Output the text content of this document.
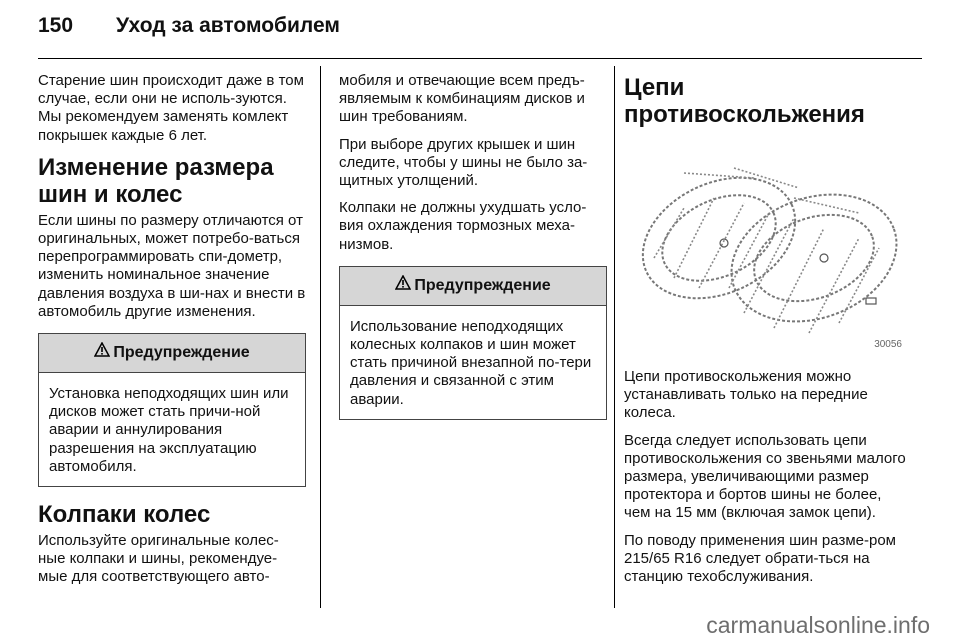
150 Уход за автомобилем

Старение шин происходит даже в том случае, если они не исполь-зуются. Мы рекомендуем заменять комлект покрышек каждые 6 лет.

Изменение размера шин и колес

Если шины по размеру отличаются от оригинальных, может потребо-ваться перепрограммировать спи-дометр, изменить номинальное значение давления воздуха в ши-нах и внести в автомобиль другие изменения.

Предупреждение

Установка неподходящих шин или дисков может стать причи-ной аварии и аннулирования разрешения на эксплуатацию автомобиля.

Колпаки колес

Используйте оригинальные колес-ные колпаки и шины, рекомендуе-мые для соответствующего авто-

мобиля и отвечающие всем предъ-являемым к комбинациям дисков и шин требованиям.

При выборе других крышек и шин следите, чтобы у шины не было за-щитных утолщений.

Колпаки не должны ухудшать усло-вия охлаждения тормозных меха-низмов.

Предупреждение

Использование неподходящих колесных колпаков и шин может стать причиной внезапной по-тери давления и связанной с этим аварии.

Цепи противоскольжения
30056

Цепи противоскольжения можно устанавливать только на передние колеса.

Всегда следует использовать цепи противоскольжения со звеньями малого размера, увеличивающими размер протектора и бортов шины не более, чем на 15 мм (включая замок цепи).

По поводу применения шин разме-ром 215/65 R16 следует обрати-ться на станцию техобслуживания.

carmanualsonline.info
